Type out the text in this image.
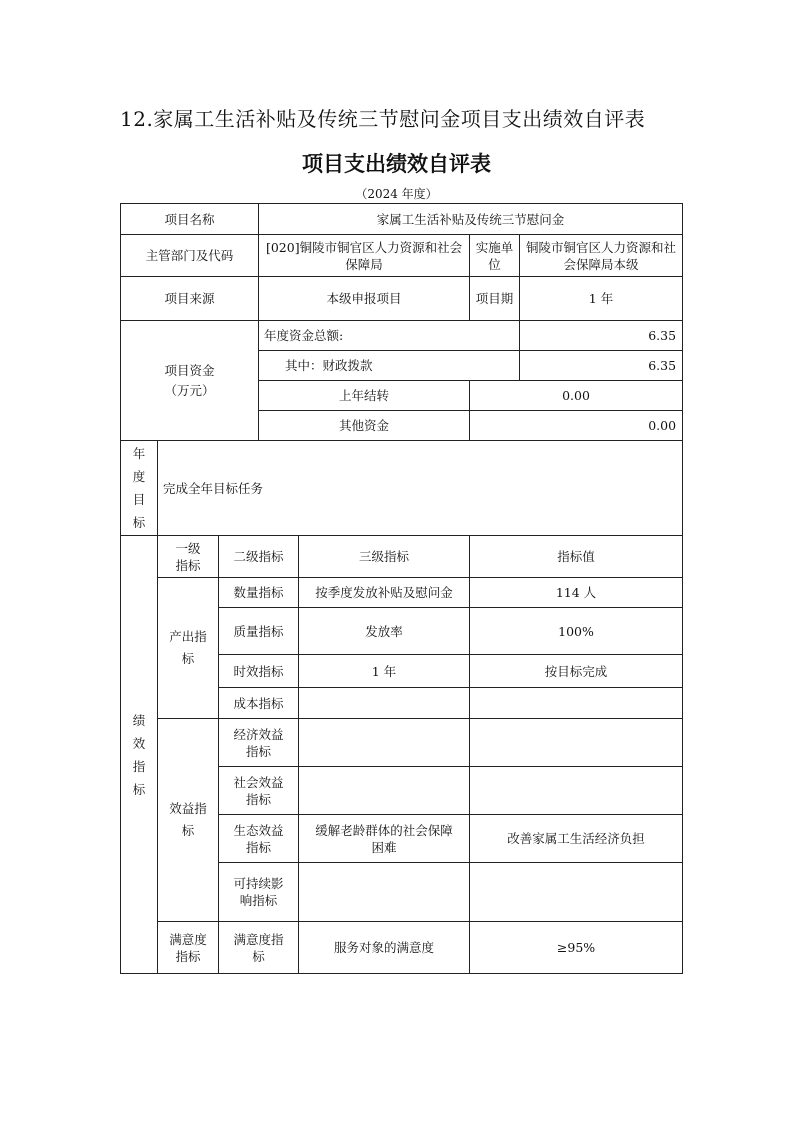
12.家属工生活补贴及传统三节慰问金项目支出绩效自评表
项目支出绩效自评表
（2024 年度）
项目名称			家属工生活补贴及传统三节慰问金			
主管部门及代码			[020]铜陵市铜官区人力资源和社会保障局		实施单位	铜陵市铜官区人力资源和社会保障局本级
项目来源			本级申报项目		项目期	1 年

项目资金（万元）			年度资金总额:			6.35
			其中：财政拨款			6.35
			上年结转		0.00	
			其他资金		0.00	

年度目标	完成全年目标任务					

绩效指标	一级指标	二级指标		三级指标	指标值	

	产出指标	数量指标		按季度发放补贴及慰问金	114 人	
		质量指标		发放率	100%	
		时效指标		1 年	按目标完成	
		成本指标				

	效益指标	经济效益指标				

		社会效益指标				

		生态效益指标		缓解老龄群体的社会保障困难	改善家属工生活经济负担	

		可持续影响指标				

	满意度指标	满意度指标		服务对象的满意度	≥95%	
